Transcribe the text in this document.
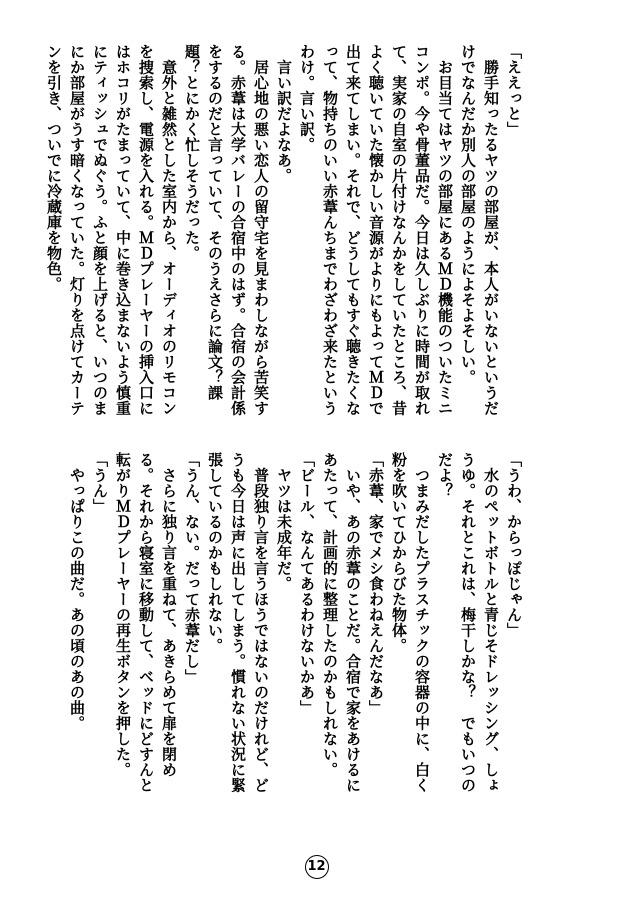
「ええっと」

　勝手知ったるヤツの部屋が、本人がいないというだけでなんだか別人の部屋のようによそよそしい。

　お目当てはヤツの部屋にあるＭＤ機能のついたミニコンポ。今や骨董品だ。今日は久しぶりに時間が取れて、実家の自室の片付けなんかをしていたところ、昔よく聴いていた懐かしい音源がよりにもよってＭＤで出て来てしまい。それで、どうしてもすぐ聴きたくなって、物持ちのいい赤葦んちまでわざわざ来たというわけ。言い訳。

　言い訳だよなあ。

　居心地の悪い恋人の留守宅を見まわしながら苦笑する。赤葦は大学バレーの合宿中のはず。合宿の会計係をするのだと言っていて、そのうえさらに論文？課題？とにかく忙しそうだった。

　意外と雑然とした室内から、オーディオのリモコンを捜索し、電源を入れる。ＭＤプレーヤーの挿入口にはホコリがたまっていて、中に巻き込まないよう慎重にティッシュでぬぐう。ふと顔を上げると、いつのまにか部屋がうす暗くなっていた。灯りを点けてカーテンを引き、ついでに冷蔵庫を物色。

「うわ、からっぽじゃん」

　水のペットボトルと青じそドレッシング、しょうゆ。それとこれは、梅干しかな？　でもいつのだよ？

　つまみだしたプラスチックの容器の中に、白く粉を吹いてひからびた物体。

「赤葦、家でメシ食わねえんだなあ」

　いや、あの赤葦のことだ。合宿で家をあけるにあたって、計画的に整理したのかもしれない。

「ビール、なんてあるわけないかあ」

　ヤツは未成年だ。

　普段独り言を言うほうではないのだけれど、どうも今日は声に出してしまう。慣れない状況に緊張しているのかもしれない。

「うん、ない。だって赤葦だし」

　さらに独り言を重ねて、あきらめて扉を閉める。それから寝室に移動して、ベッドにどすんと転がりＭＤプレーヤーの再生ボタンを押した。

「うん」

　やっぱりこの曲だ。あの頃のあの曲。

12
